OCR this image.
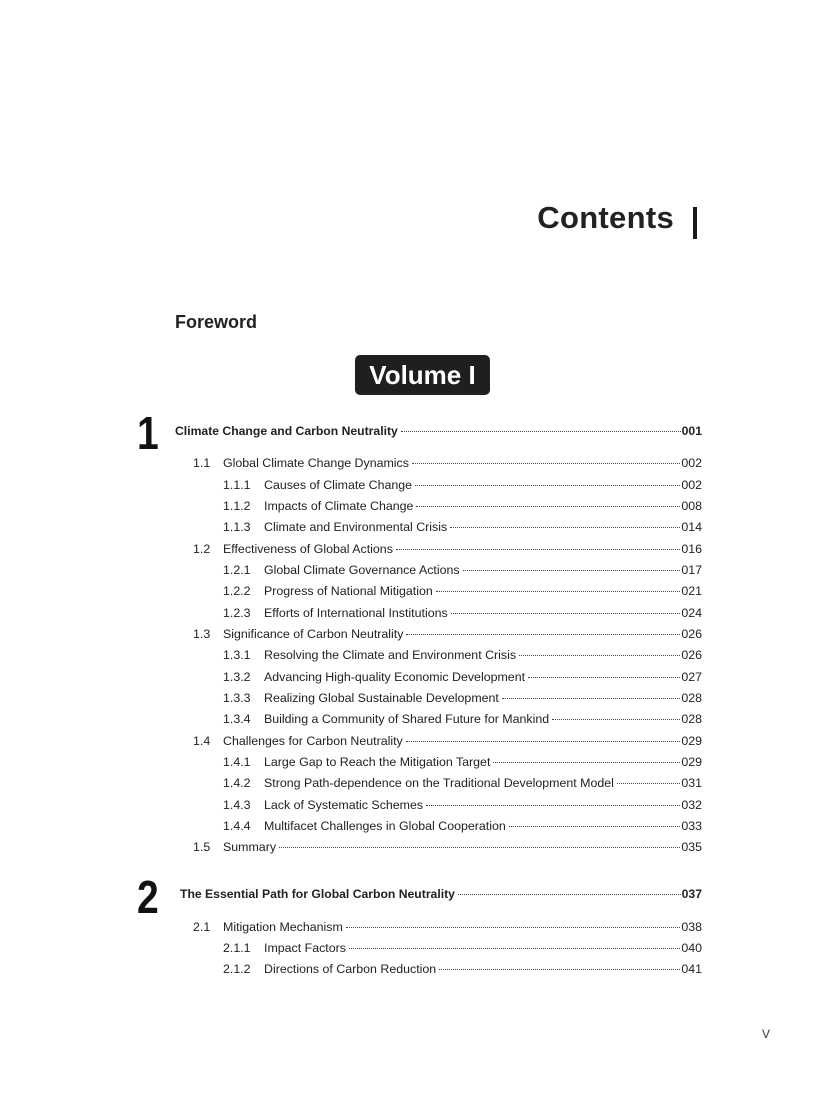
Contents
Foreword
Volume I
1 Climate Change and Carbon Neutrality	001
1.1	Global Climate Change Dynamics	002
1.1.1	Causes of Climate Change	002
1.1.2	Impacts of Climate Change	008
1.1.3	Climate and Environmental Crisis	014
1.2	Effectiveness of Global Actions	016
1.2.1	Global Climate Governance Actions	017
1.2.2	Progress of National Mitigation	021
1.2.3	Efforts of International Institutions	024
1.3	Significance of Carbon Neutrality	026
1.3.1	Resolving the Climate and Environment Crisis	026
1.3.2	Advancing High-quality Economic Development	027
1.3.3	Realizing Global Sustainable Development	028
1.3.4	Building a Community of Shared Future for Mankind	028
1.4	Challenges for Carbon Neutrality	029
1.4.1	Large Gap to Reach the Mitigation Target	029
1.4.2	Strong Path-dependence on the Traditional Development Model	031
1.4.3	Lack of Systematic Schemes	032
1.4.4	Multifacet Challenges in Global Cooperation	033
1.5	Summary	035
2 The Essential Path for Global Carbon Neutrality	037
2.1	Mitigation Mechanism	038
2.1.1	Impact Factors	040
2.1.2	Directions of Carbon Reduction	041
V
